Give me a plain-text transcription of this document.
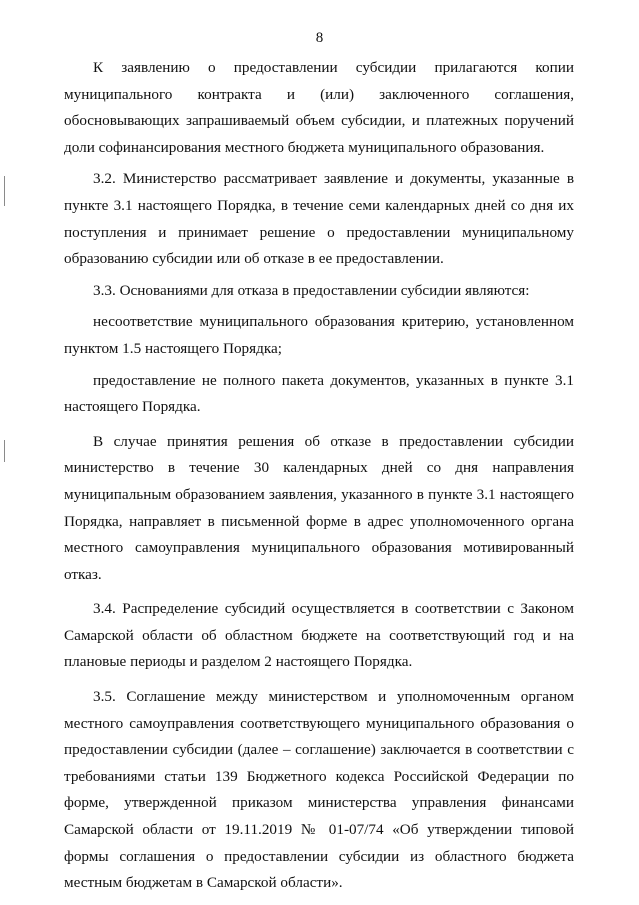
8

К заявлению о предоставлении субсидии прилагаются копии муниципального контракта и (или) заключенного соглашения, обосновывающих запрашиваемый объем субсидии, и платежных поручений доли софинансирования местного бюджета муниципального образования.

3.2. Министерство рассматривает заявление и документы, указанные в пункте 3.1 настоящего Порядка, в течение семи календарных дней со дня их поступления и принимает решение о предоставлении муниципальному образованию субсидии или об отказе в ее предоставлении.

3.3. Основаниями для отказа в предоставлении субсидии являются:

несоответствие муниципального образования критерию, установленном пунктом 1.5 настоящего Порядка;

предоставление не полного пакета документов, указанных в пункте 3.1 настоящего Порядка.

В случае принятия решения об отказе в предоставлении субсидии министерство в течение 30 календарных дней со дня направления муниципальным образованием заявления, указанного в пункте 3.1 настоящего Порядка, направляет в письменной форме в адрес уполномоченного органа местного самоуправления муниципального образования мотивированный отказ.

3.4. Распределение субсидий осуществляется в соответствии с Законом Самарской области об областном бюджете на соответствующий год и на плановые периоды и разделом 2 настоящего Порядка.

3.5. Соглашение между министерством и уполномоченным органом местного самоуправления соответствующего муниципального образования о предоставлении субсидии (далее – соглашение) заключается в соответствии с требованиями статьи 139 Бюджетного кодекса Российской Федерации по форме, утвержденной приказом министерства управления финансами Самарской области от 19.11.2019 № 01-07/74 «Об утверждении типовой формы соглашения о предоставлении субсидии из областного бюджета местным бюджетам в Самарской области».
